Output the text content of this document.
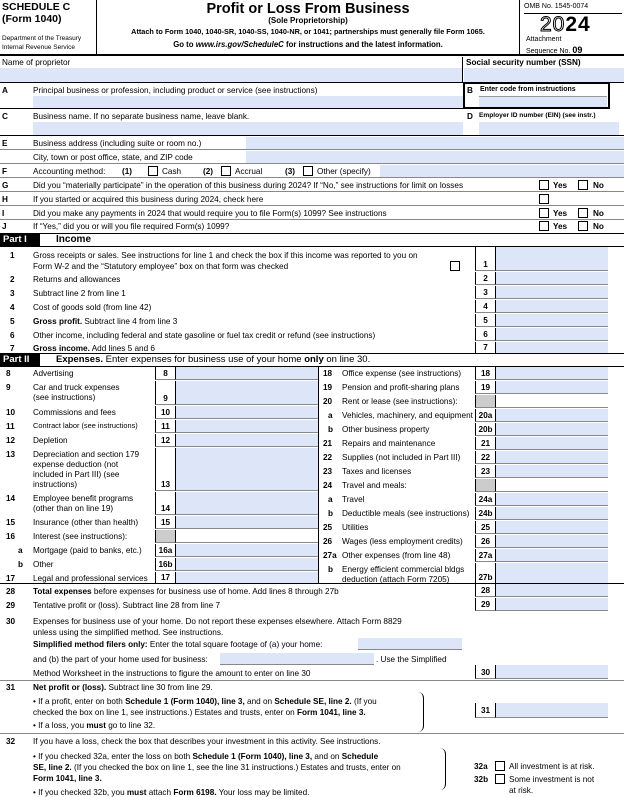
SCHEDULE C
(Form 1040)
Department of the Treasury
Internal Revenue Service
Profit or Loss From Business
(Sole Proprietorship)
Attach to Form 1040, 1040-SR, 1040-SS, 1040-NR, or 1041; partnerships must generally file Form 1065.
Go to www.irs.gov/ScheduleC for instructions and the latest information.
OMB No. 1545-0074
2024
Attachment
Sequence No. 09
Name of proprietor	Social security number (SSN)
A	Principal business or profession, including product or service (see instructions)	B Enter code from instructions
C	Business name. If no separate business name, leave blank.	D Employer ID number (EIN) (see instr.)
E	Business address (including suite or room no.)
City, town or post office, state, and ZIP code
F	Accounting method: (1)	Cash	(2)	Accrual	(3)	Other (specify)
G	Did you “materially participate” in the operation of this business during 2024? If “No,” see instructions for limit on losses	Yes	No
H	If you started or acquired this business during 2024, check here
I	Did you make any payments in 2024 that would require you to file Form(s) 1099? See instructions	Yes	No
J	If “Yes,” did you or will you file required Form(s) 1099?	Yes	No
Part I	Income
1 Gross receipts or sales. See instructions for line 1 and check the box if this income was reported to you on
Form W-2 and the “Statutory employee” box on that form was checked	1
2 Returns and allowances	2
3 Subtract line 2 from line 1	3
4 Cost of goods sold (from line 42)	4
5 Gross profit. Subtract line 4 from line 3	5
6 Other income, including federal and state gasoline or fuel tax credit or refund (see instructions)	6
7 Gross income. Add lines 5 and 6	7
Part II	Expenses. Enter expenses for business use of your home only on line 30.
8	Advertising	8
9	Car and truck expenses
(see instructions)	9
10 Commissions and fees	10
11 Contract labor (see instructions)	11
12 Depletion	12
13 Depreciation and section 179
expense deduction (not
included in Part III) (see
instructions)	13
14 Employee benefit programs
(other than on line 19)	14
15 Insurance (other than health)	15
16 Interest (see instructions):
a Mortgage (paid to banks, etc.)	16a
b Other	16b
17 Legal and professional services	17
18 Office expense (see instructions)	18
19 Pension and profit-sharing plans	19
20 Rent or lease (see instructions):
a Vehicles, machinery, and equipment 20a
b Other business property	20b
21 Repairs and maintenance	21
22 Supplies (not included in Part III)	22
23 Taxes and licenses	23
24 Travel and meals:
a Travel	24a
b Deductible meals (see instructions)	24b
25 Utilities	25
26 Wages (less employment credits)	26
27a Other expenses (from line 48)	27a
b Energy efficient commercial bldgs
deduction (attach Form 7205)	27b
28 Total expenses before expenses for business use of home. Add lines 8 through 27b	28
29 Tentative profit or (loss). Subtract line 28 from line 7	29
30 Expenses for business use of your home. Do not report these expenses elsewhere. Attach Form 8829
unless using the simplified method. See instructions.
Simplified method filers only: Enter the total square footage of (a) your home:
and (b) the part of your home used for business:	. Use the Simplified
Method Worksheet in the instructions to figure the amount to enter on line 30	30
31 Net profit or (loss). Subtract line 30 from line 29.
• If a profit, enter on both Schedule 1 (Form 1040), line 3, and on Schedule SE, line 2. (If you
checked the box on line 1, see instructions.) Estates and trusts, enter on Form 1041, line 3.
• If a loss, you must go to line 32.
31
32 If you have a loss, check the box that describes your investment in this activity. See instructions.
• If you checked 32a, enter the loss on both Schedule 1 (Form 1040), line 3, and on Schedule
SE, line 2. (If you checked the box on line 1, see the line 31 instructions.) Estates and trusts, enter on
Form 1041, line 3.
• If you checked 32b, you must attach Form 6198. Your loss may be limited.
32a	All investment is at risk.
32b	Some investment is not
at risk.
